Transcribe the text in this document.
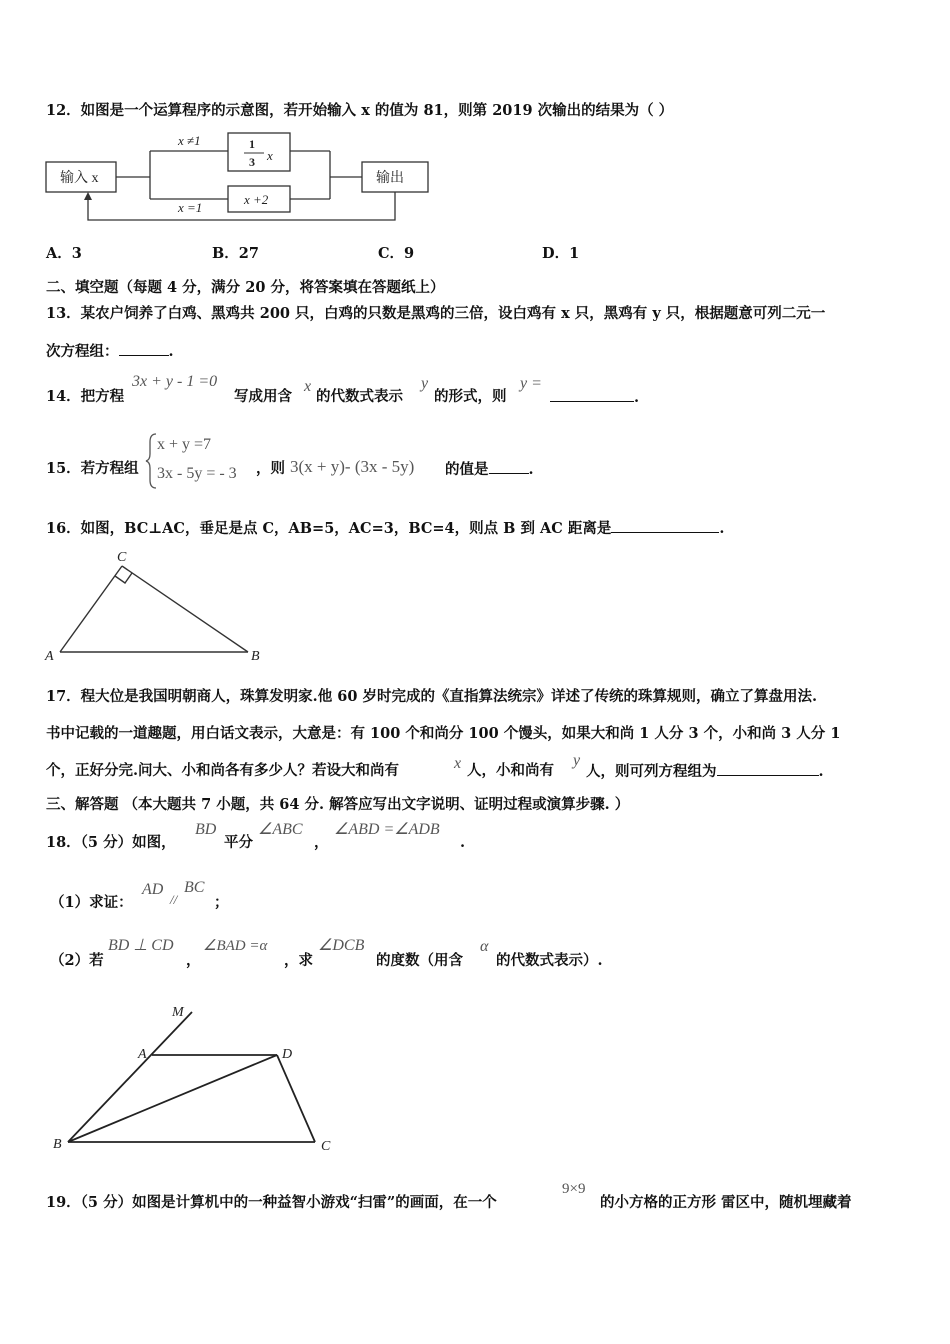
12．如图是一个运算程序的示意图，若开始输入 x 的值为 81，则第 2019 次输出的结果为（ ）
输入 x	输出
x ≠1
x =1
1
3 x
x +2
A．3	B．27	C．9	D．1
二、填空题（每题 4 分，满分 20 分，将答案填在答题纸上）
13．某农户饲养了白鸡、黑鸡共 200 只，白鸡的只数是黑鸡的三倍，设白鸡有 x 只，黑鸡有 y 只，根据题意可列二元一
次方程组：	.
14．把方程
3x + y - 1 =0
写成用含
x
的代数式表示
y
的形式，则
y =
.
15．若方程组
x + y =7
3x - 5y = - 3 ，则 3(x + y)- (3x - 5y) 的值是	.
16．如图，BC⊥AC，垂足是点 C，AB=5，AC=3，BC=4，则点 B 到 AC 距离是	.
C
A	B
17．程大位是我国明朝商人，珠算发明家.他 60 岁时完成的《直指算法统宗》详述了传统的珠算规则，确立了算盘用法.
书中记载的一道趣题，用白话文表示，大意是：有 100 个和尚分 100 个馒头，如果大和尚 1 人分 3 个，小和尚 3 人分 1
个，正好分完.问大、小和尚各有多少人？若设大和尚有	x 人，小和尚有
y
人，则可列方程组为	.
三、解答题 （本大题共 7 小题，共 64 分. 解答应写出文字说明、证明过程或演算步骤. ）
18．（5 分）如图，
BD
平分
∠ABC
，
∠ABD =∠ADB
.
（1）求证：
AD
//
BC
；
（2）若
BD ⊥ CD
，
∠BAD =α
，求
∠DCB
的度数（用含
α
的代数式表示）.
M
A	D
B	C
19．（5 分）如图是计算机中的一种益智小游戏“扫雷”的画面，在一个
9×9
的小方格的正方形 雷区中，随机埋藏着
